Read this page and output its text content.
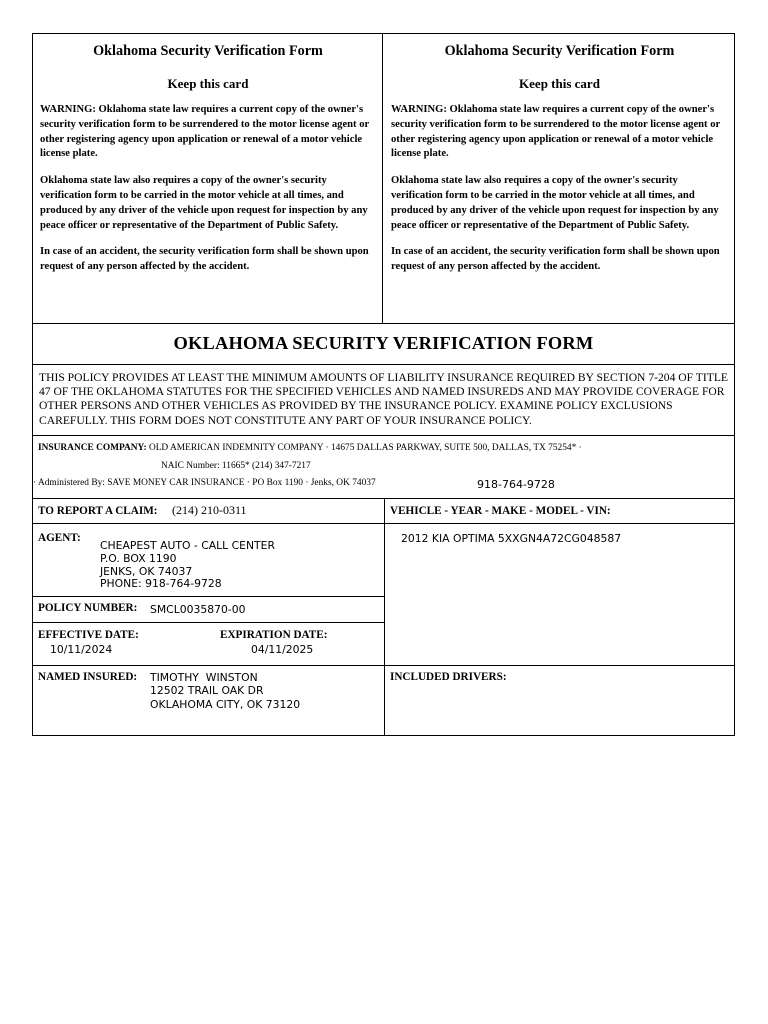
Oklahoma Security Verification Form
Keep this card
WARNING: Oklahoma state law requires a current copy of the owner's security verification form to be surrendered to the motor license agent or other registering agency upon application or renewal of a motor vehicle license plate.
Oklahoma state law also requires a copy of the owner's security verification form to be carried in the motor vehicle at all times, and produced by any driver of the vehicle upon request for inspection by any peace officer or representative of the Department of Public Safety.
In case of an accident, the security verification form shall be shown upon request of any person affected by the accident.
Oklahoma Security Verification Form
Keep this card
WARNING: Oklahoma state law requires a current copy of the owner's security verification form to be surrendered to the motor license agent or other registering agency upon application or renewal of a motor vehicle license plate.
Oklahoma state law also requires a copy of the owner's security verification form to be carried in the motor vehicle at all times, and produced by any driver of the vehicle upon request for inspection by any peace officer or representative of the Department of Public Safety.
In case of an accident, the security verification form shall be shown upon request of any person affected by the accident.
OKLAHOMA SECURITY VERIFICATION FORM
THIS POLICY PROVIDES AT LEAST THE MINIMUM AMOUNTS OF LIABILITY INSURANCE REQUIRED BY SECTION 7-204 OF TITLE 47 OF THE OKLAHOMA STATUTES FOR THE SPECIFIED VEHICLES AND NAMED INSUREDS AND MAY PROVIDE COVERAGE FOR OTHER PERSONS AND OTHER VEHICLES AS PROVIDED BY THE INSURANCE POLICY. EXAMINE POLICY EXCLUSIONS CAREFULLY. THIS FORM DOES NOT CONSTITUTE ANY PART OF YOUR INSURANCE POLICY.
INSURANCE COMPANY: OLD AMERICAN INDEMNITY COMPANY · 14675 DALLAS PARKWAY, SUITE 500, DALLAS, TX 75254* ·
NAIC Number: 11665* (214) 347-7217
· Administered By: SAVE MONEY CAR INSURANCE · PO Box 1190 · Jenks, OK 74037	918-764-9728
TO REPORT A CLAIM: (214) 210-0311	VEHICLE - YEAR - MAKE - MODEL - VIN:
2012 KIA OPTIMA 5XXGN4A72CG048587
AGENT:
CHEAPEST AUTO - CALL CENTER
P.O. BOX 1190
JENKS, OK 74037
PHONE: 918-764-9728
POLICY NUMBER: SMCL0035870-00
EFFECTIVE DATE:
10/11/2024
EXPIRATION DATE:
04/11/2025
NAMED INSURED: TIMOTHY  WINSTON
12502 TRAIL OAK DR
OKLAHOMA CITY, OK 73120
INCLUDED DRIVERS:
